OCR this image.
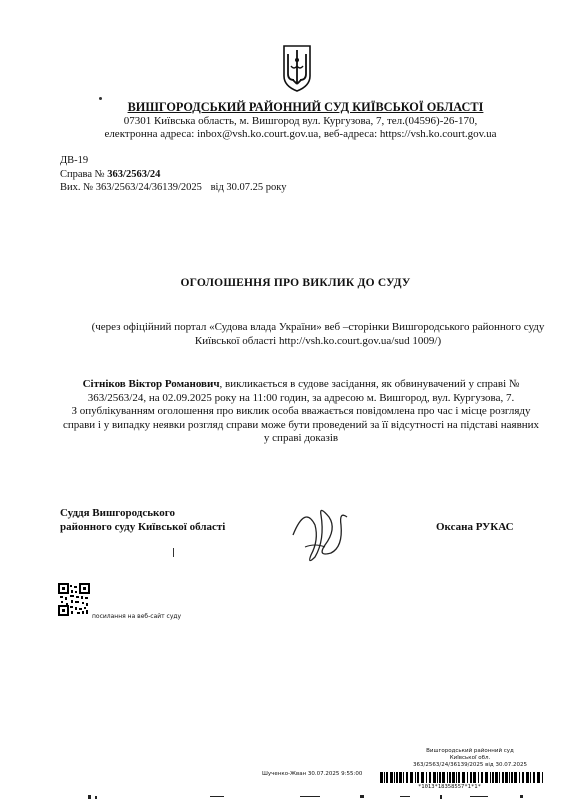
ВИШГОРОДСЬКИЙ РАЙОННИЙ СУД КИЇВСЬКОЇ ОБЛАСТІ
07301 Київська область, м. Вишгород вул. Кургузова, 7, тел.(04596)-26-170,
електронна адреса: inbox@vsh.ko.court.gov.ua, веб-адреса: https://vsh.ko.court.gov.ua
ДВ-19
Справа № 363/2563/24
Вих. № 363/2563/24/36139/2025 від 30.07.25 року
ОГОЛОШЕННЯ ПРО ВИКЛИК ДО СУДУ
(через офіційний портал «Судова влада України» веб –сторінки Вишгородського районного суду Київської області http://vsh.ko.court.gov.ua/sud 1009/)
Сітніков Віктор Романович, викликається в судове засідання, як обвинувачений у справі № 363/2563/24, на 02.09.2025 року на 11:00 годин, за адресою м. Вишгород, вул. Кургузова, 7.
З опублікуванням оголошення про виклик особа вважається повідомлена про час і місце розгляду справи і у випадку неявки розгляд справи може бути проведений за її відсутності на підставі наявних у справі доказів
Суддя Вишгородського
районного суду Київської області	Оксана РУКАС
посилання на веб-сайт суду
Вишгородський районний суд
Київської обл.
363/2563/24/36139/2025 від 30.07.2025
Шученко-Жван 30.07.2025 9:55:00
*1013*18358557*1*1*
